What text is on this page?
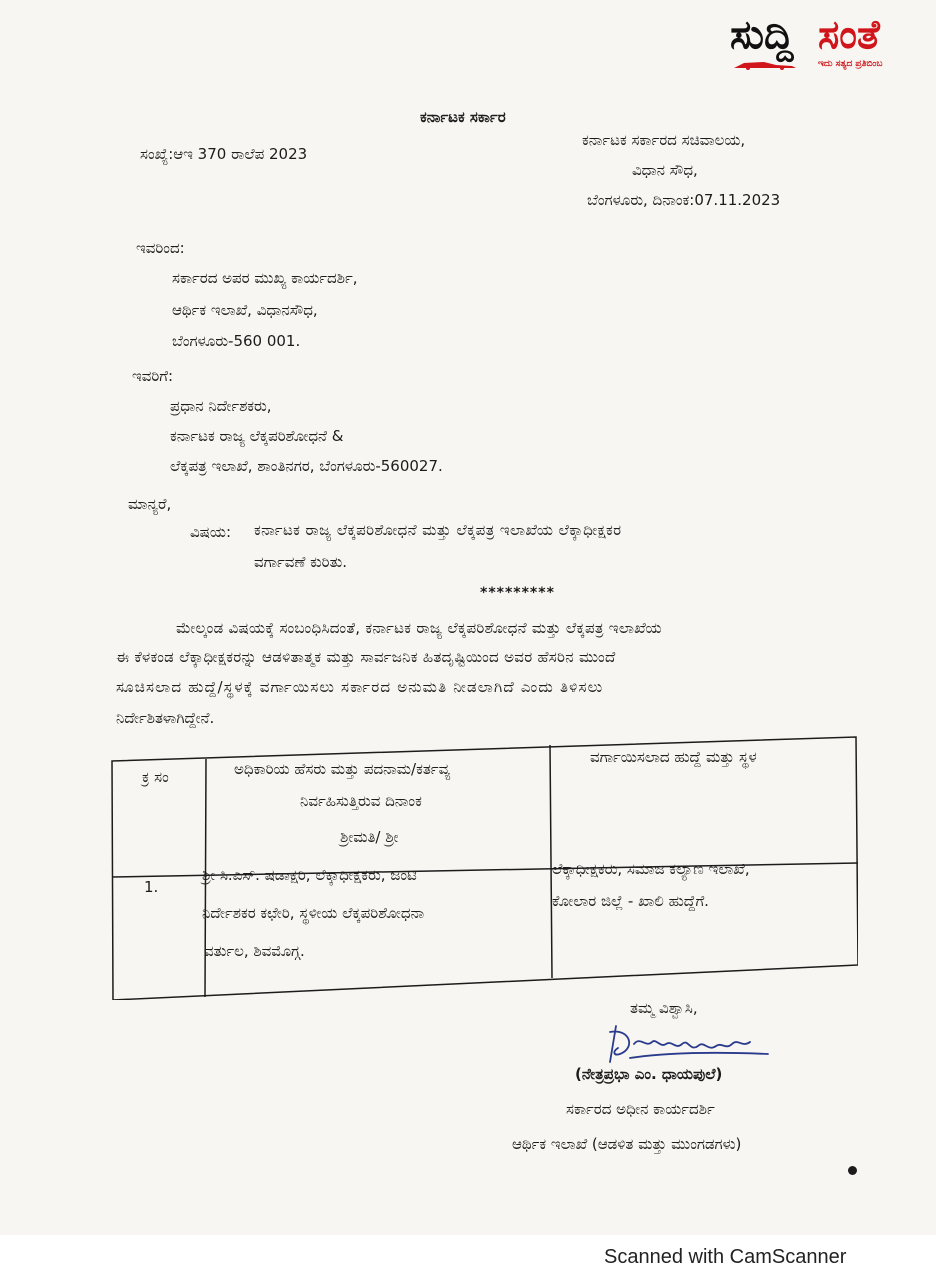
ಸುದ್ದಿ ಸಂತೆ
ಇದು ಸತ್ಯದ ಪ್ರತಿಬಿಂಬ
ಕರ್ನಾಟಕ ಸರ್ಕಾರ
ಸಂಖ್ಯೆ:ಆಇ 370 ರಾಲೆಪ 2023
ಕರ್ನಾಟಕ ಸರ್ಕಾರದ ಸಚಿವಾಲಯ,
ವಿಧಾನ ಸೌಧ,
ಬೆಂಗಳೂರು, ದಿನಾಂಕ:07.11.2023
ಇವರಿಂದ:
ಸರ್ಕಾರದ ಅಪರ ಮುಖ್ಯ ಕಾರ್ಯದರ್ಶಿ,
ಆರ್ಥಿಕ ಇಲಾಖೆ, ವಿಧಾನಸೌಧ,
ಬೆಂಗಳೂರು-560 001.
ಇವರಿಗೆ:
ಪ್ರಧಾನ ನಿರ್ದೇಶಕರು,
ಕರ್ನಾಟಕ ರಾಜ್ಯ ಲೆಕ್ಕಪರಿಶೋಧನೆ &
ಲೆಕ್ಕಪತ್ರ ಇಲಾಖೆ, ಶಾಂತಿನಗರ, ಬೆಂಗಳೂರು-560027.
ಮಾನ್ಯರೆ,
ವಿಷಯ: ಕರ್ನಾಟಕ ರಾಜ್ಯ ಲೆಕ್ಕಪರಿಶೋಧನೆ ಮತ್ತು ಲೆಕ್ಕಪತ್ರ ಇಲಾಖೆಯ ಲೆಕ್ಕಾಧೀಕ್ಷಕರ
ವರ್ಗಾವಣೆ ಕುರಿತು.
*********
ಮೇಲ್ಕಂಡ ವಿಷಯಕ್ಕೆ ಸಂಬಂಧಿಸಿದಂತೆ, ಕರ್ನಾಟಕ ರಾಜ್ಯ ಲೆಕ್ಕಪರಿಶೋಧನೆ ಮತ್ತು ಲೆಕ್ಕಪತ್ರ ಇಲಾಖೆಯ
ಈ ಕೆಳಕಂಡ ಲೆಕ್ಕಾಧೀಕ್ಷಕರನ್ನು ಆಡಳಿತಾತ್ಮಕ ಮತ್ತು ಸಾರ್ವಜನಿಕ ಹಿತದೃಷ್ಟಿಯಿಂದ ಅವರ ಹೆಸರಿನ ಮುಂದೆ
ಸೂಚಿಸಲಾದ ಹುದ್ದೆ/ಸ್ಥಳಕ್ಕೆ ವರ್ಗಾಯಿಸಲು ಸರ್ಕಾರದ ಅನುಮತಿ ನೀಡಲಾಗಿದೆ ಎಂದು ತಿಳಿಸಲು
ನಿರ್ದೇಶಿತಳಾಗಿದ್ದೇನೆ.
ಕ್ರ ಸಂ	ಅಧಿಕಾರಿಯ ಹೆಸರು ಮತ್ತು ಪದನಾಮ/ಕರ್ತವ್ಯ
ನಿರ್ವಹಿಸುತ್ತಿರುವ ದಿನಾಂಕ
ಶ್ರೀಮತಿ/ ಶ್ರೀ
ವರ್ಗಾಯಿಸಲಾದ ಹುದ್ದೆ ಮತ್ತು ಸ್ಥಳ
1.
ಶ್ರೀ ಸಿ.ಎಸ್. ಷಡಾಕ್ಷರಿ, ಲೆಕ್ಕಾಧೀಕ್ಷಕರು, ಜಂಟಿ
ನಿರ್ದೇಶಕರ ಕಛೇರಿ, ಸ್ಥಳೀಯ ಲೆಕ್ಕಪರಿಶೋಧನಾ
ವರ್ತುಲ, ಶಿವಮೊಗ್ಗ.
ಲೆಕ್ಕಾಧೀಕ್ಷಕರು, ಸಮಾಜ ಕಲ್ಯಾಣ ಇಲಾಖೆ,
ಕೋಲಾರ ಜಿಲ್ಲೆ - ಖಾಲಿ ಹುದ್ದೆಗೆ.
ತಮ್ಮ ವಿಶ್ವಾಸಿ,
(ನೇತ್ರಪ್ರಭಾ ಎಂ. ಧಾಯಪುಲೆ)
ಸರ್ಕಾರದ ಅಧೀನ ಕಾರ್ಯದರ್ಶಿ
ಆರ್ಥಿಕ ಇಲಾಖೆ (ಆಡಳಿತ ಮತ್ತು ಮುಂಗಡಗಳು)
Scanned with CamScanner
